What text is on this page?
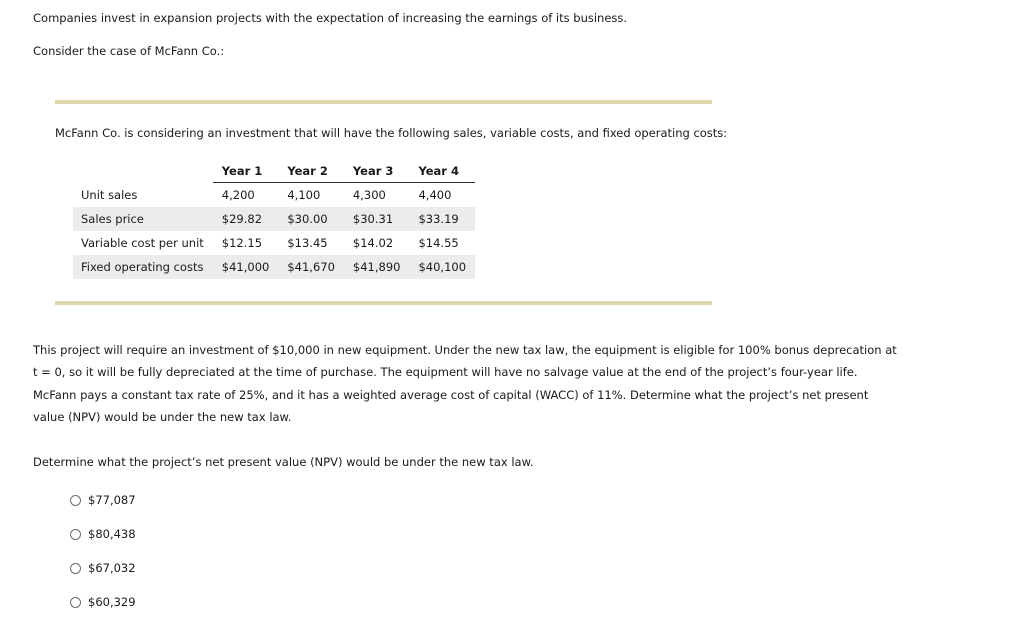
Companies invest in expansion projects with the expectation of increasing the earnings of its business.
Consider the case of McFann Co.:
McFann Co. is considering an investment that will have the following sales, variable costs, and fixed operating costs:
	Year 1	Year 2	Year 3	Year 4
Unit sales	4,200	4,100	4,300	4,400
Sales price	$29.82	$30.00	$30.31	$33.19
Variable cost per unit	$12.15	$13.45	$14.02	$14.55
Fixed operating costs	$41,000	$41,670	$41,890	$40,100
This project will require an investment of $10,000 in new equipment. Under the new tax law, the equipment is eligible for 100% bonus deprecation at t = 0, so it will be fully depreciated at the time of purchase. The equipment will have no salvage value at the end of the project’s four-year life. McFann pays a constant tax rate of 25%, and it has a weighted average cost of capital (WACC) of 11%. Determine what the project’s net present value (NPV) would be under the new tax law.
Determine what the project’s net present value (NPV) would be under the new tax law.
$77,087
$80,438
$67,032
$60,329
